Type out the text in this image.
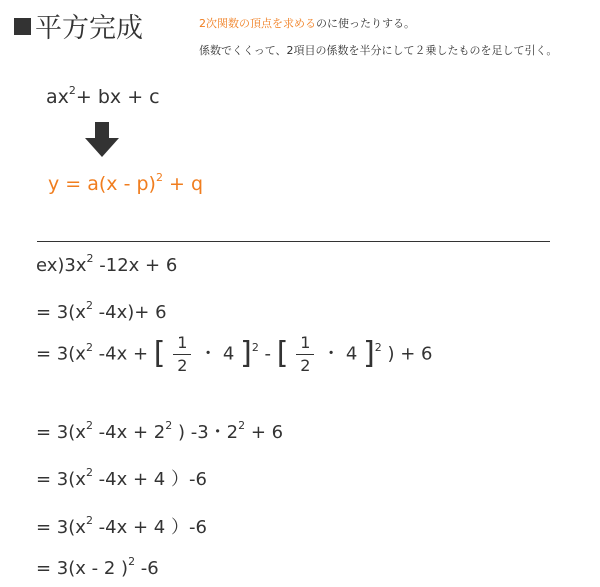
平方完成	2次関数の頂点を求めるのに使ったりする。
係数でくくって、2項目の係数を半分にして２乗したものを足して引く。
$ax^2+$ bx + c
y = a(x - p)$^2$ + q
$ex)3x^2$ -12x + 6
= $3(x^2$ -4x)+ 6
= $3(x^2$ -4x + [ $\frac{1}{2}$ ・ 4 ]$^2$ - [ $\frac{1}{2}$ ・ 4 ]$^2$ ) + 6
= $3(x^2$ $-4x + 2^2$ ) -3・$2^2 + 6$
= $3(x^2$ -4x + 4 ）-6
= $3(x^2$ -4x + 4 ）-6
= 3(x - 2 )$^2$ -6
